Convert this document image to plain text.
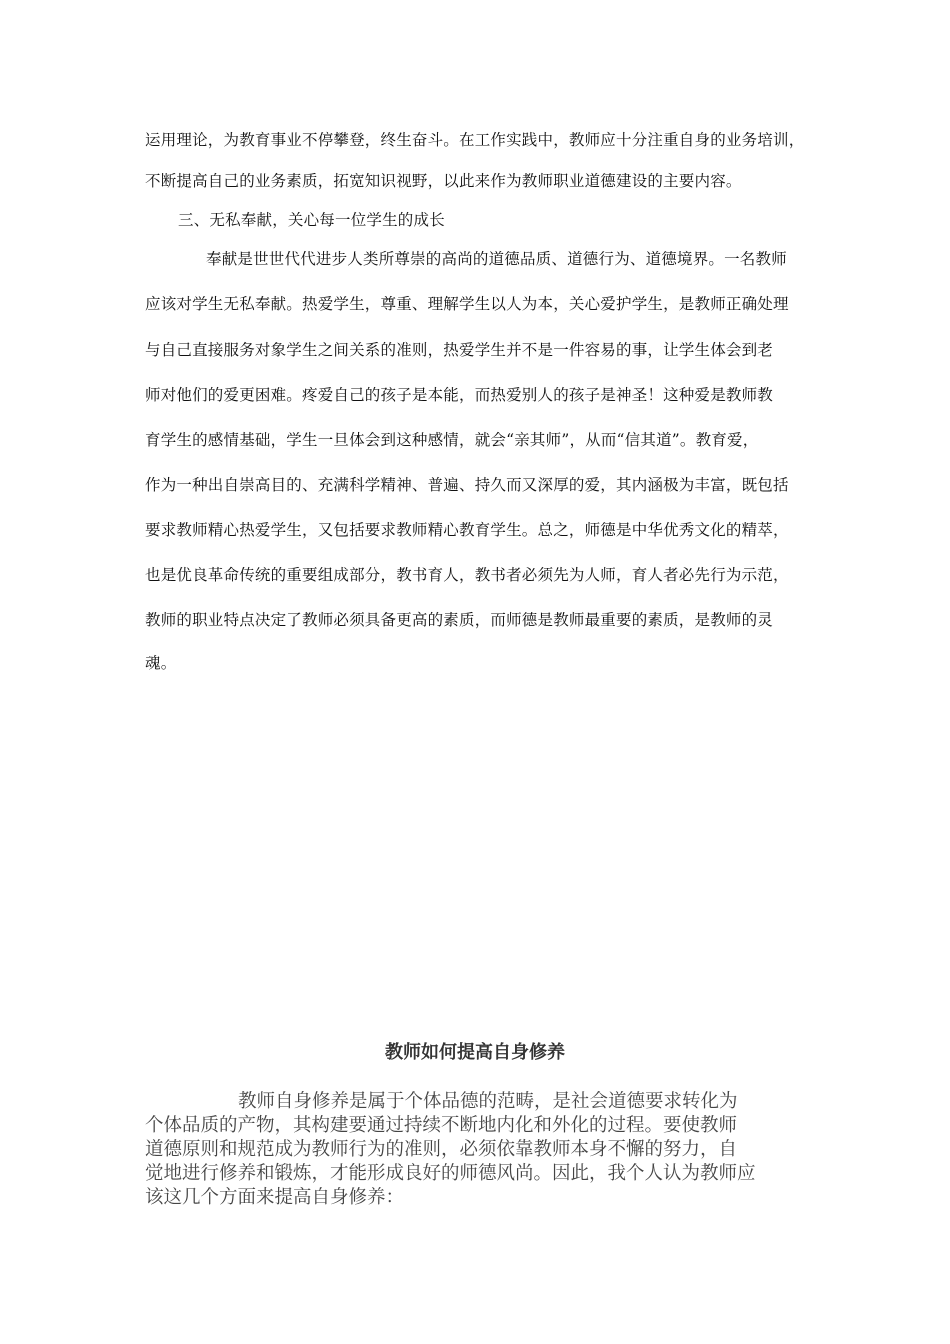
运用理论，为教育事业不停攀登，终生奋斗。在工作实践中，教师应十分注重自身的业务培训，
不断提高自己的业务素质，拓宽知识视野，以此来作为教师职业道德建设的主要内容。
三、无私奉献，关心每一位学生的成长
奉献是世世代代进步人类所尊崇的高尚的道德品质、道德行为、道德境界。一名教师
应该对学生无私奉献。热爱学生，尊重、理解学生以人为本，关心爱护学生，是教师正确处理
与自己直接服务对象学生之间关系的准则，热爱学生并不是一件容易的事，让学生体会到老
师对他们的爱更困难。疼爱自己的孩子是本能，而热爱别人的孩子是神圣！这种爱是教师教
育学生的感情基础，学生一旦体会到这种感情，就会“亲其师”，从而“信其道”。教育爱，
作为一种出自崇高目的、充满科学精神、普遍、持久而又深厚的爱，其内涵极为丰富，既包括
要求教师精心热爱学生，又包括要求教师精心教育学生。总之，师德是中华优秀文化的精萃，
也是优良革命传统的重要组成部分，教书育人，教书者必须先为人师，育人者必先行为示范，
教师的职业特点决定了教师必须具备更高的素质，而师德是教师最重要的素质，是教师的灵
魂。
教师如何提高自身修养
教师自身修养是属于个体品德的范畴，是社会道德要求转化为
个体品质的产物，其构建要通过持续不断地内化和外化的过程。要使教师
道德原则和规范成为教师行为的准则，必须依靠教师本身不懈的努力，自
觉地进行修养和锻炼，才能形成良好的师德风尚。因此，我个人认为教师应
该这几个方面来提高自身修养：
